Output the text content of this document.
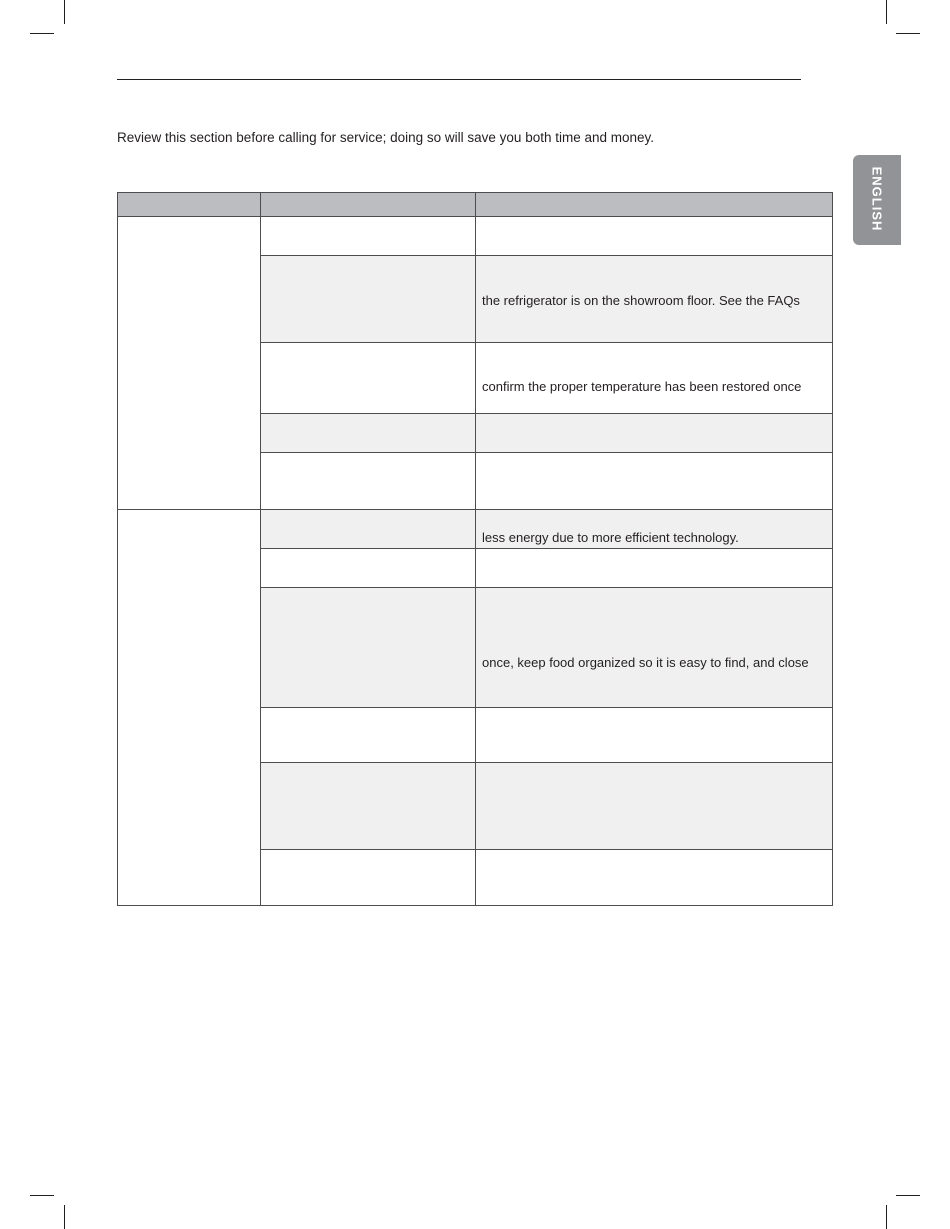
Review this section before calling for service; doing so will save you both time and money.
ENGLISH
the refrigerator is on the showroom floor. See the FAQs
confirm the proper temperature has been restored once
less energy due to more efficient technology.
once, keep food organized so it is easy to find, and close
